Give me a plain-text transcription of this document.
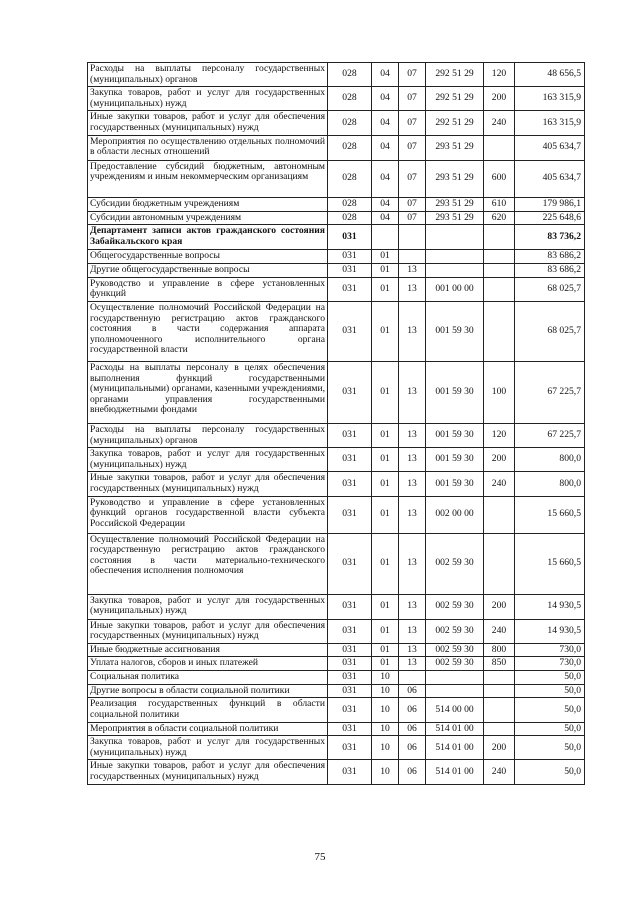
Расходы на выплаты персоналу государственных (муниципальных) органов	028	04	07	292 51 29	120	48 656,5
Закупка товаров, работ и услуг для государственных (муниципальных) нужд	028	04	07	292 51 29	200	163 315,9
Иные закупки товаров, работ и услуг для обеспечения государственных (муниципальных) нужд	028	04	07	292 51 29	240	163 315,9
Мероприятия по осуществлению отдельных полномочий в области лесных отношений	028	04	07	293 51 29		405 634,7
Предоставление субсидий бюджетным, автономным учреждениям и иным некоммерческим организациям	028	04	07	293 51 29	600	405 634,7
Субсидии бюджетным учреждениям	028	04	07	293 51 29	610	179 986,1
Субсидии автономным учреждениям	028	04	07	293 51 29	620	225 648,6
Департамент записи актов гражданского состояния Забайкальского края	031					83 736,2
Общегосударственные вопросы	031	01				83 686,2
Другие общегосударственные вопросы	031	01	13			83 686,2
Руководство и управление в сфере установленных функций	031	01	13	001 00 00		68 025,7
Осуществление полномочий Российской Федерации на государственную регистрацию актов гражданского состояния в части содержания аппарата уполномоченного исполнительного органа государственной власти	031	01	13	001 59 30		68 025,7
Расходы на выплаты персоналу в целях обеспечения выполнения функций государственными (муниципальными) органами, казенными учреждениями, органами управления государственными внебюджетными фондами	031	01	13	001 59 30	100	67 225,7
Расходы на выплаты персоналу государственных (муниципальных) органов	031	01	13	001 59 30	120	67 225,7
Закупка товаров, работ и услуг для государственных (муниципальных) нужд	031	01	13	001 59 30	200	800,0
Иные закупки товаров, работ и услуг для обеспечения государственных (муниципальных) нужд	031	01	13	001 59 30	240	800,0
Руководство и управление в сфере установленных функций органов государственной власти субъекта Российской Федерации	031	01	13	002 00 00		15 660,5
Осуществление полномочий Российской Федерации на государственную регистрацию актов гражданского состояния в части материально-технического обеспечения исполнения полномочия	031	01	13	002 59 30		15 660,5
Закупка товаров, работ и услуг для государственных (муниципальных) нужд	031	01	13	002 59 30	200	14 930,5
Иные закупки товаров, работ и услуг для обеспечения государственных (муниципальных) нужд	031	01	13	002 59 30	240	14 930,5
Иные бюджетные ассигнования	031	01	13	002 59 30	800	730,0
Уплата налогов, сборов и иных платежей	031	01	13	002 59 30	850	730,0
Социальная политика	031	10				50,0
Другие вопросы в области социальной политики	031	10	06			50,0
Реализация государственных функций в области социальной политики	031	10	06	514 00 00		50,0
Мероприятия в области социальной политики	031	10	06	514 01 00		50,0
Закупка товаров, работ и услуг для государственных (муниципальных) нужд	031	10	06	514 01 00	200	50,0
Иные закупки товаров, работ и услуг для обеспечения государственных (муниципальных) нужд	031	10	06	514 01 00	240	50,0
75
